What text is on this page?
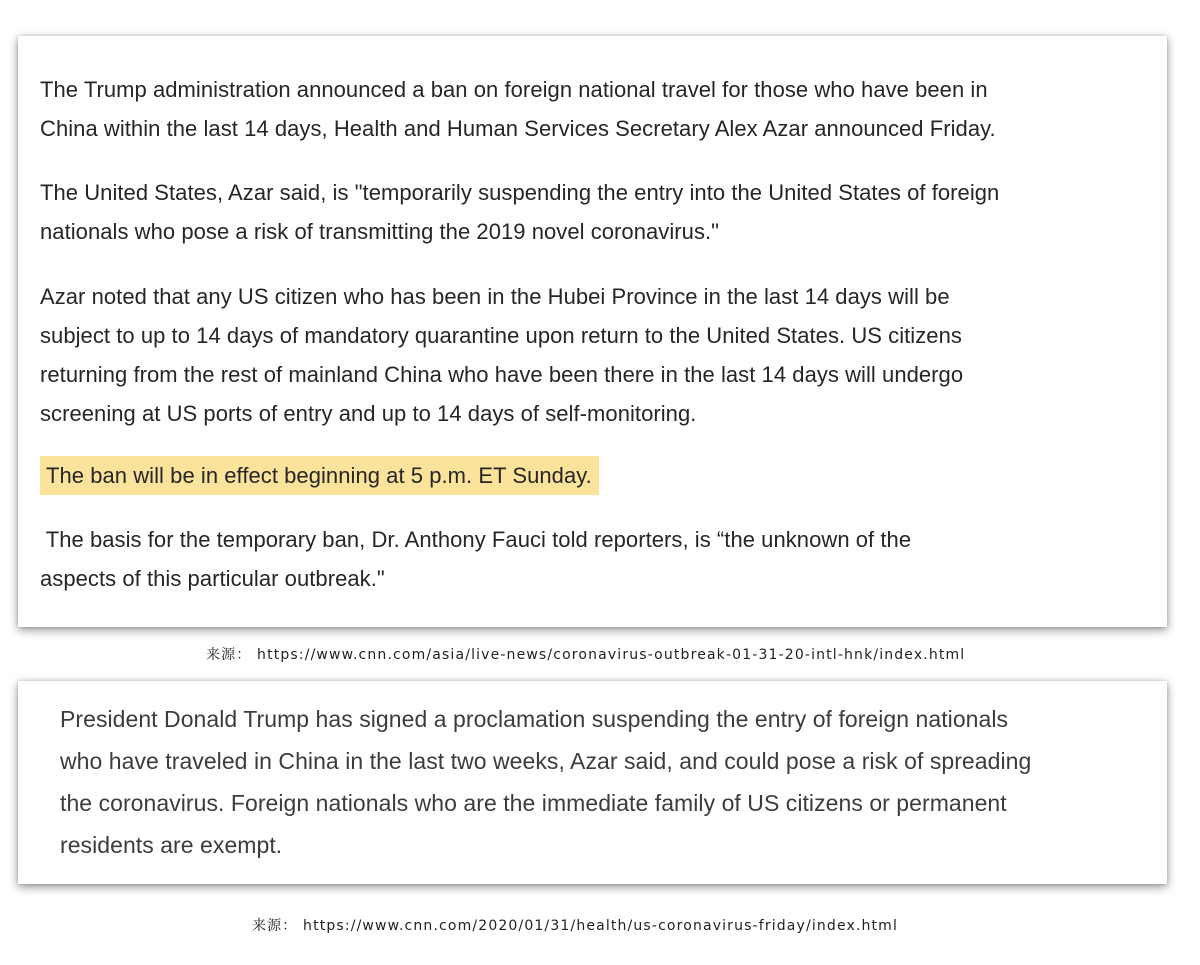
The Trump administration announced a ban on foreign national travel for those who have been in
China within the last 14 days, Health and Human Services Secretary Alex Azar announced Friday.

The United States, Azar said, is "temporarily suspending the entry into the United States of foreign
nationals who pose a risk of transmitting the 2019 novel coronavirus."

Azar noted that any US citizen who has been in the Hubei Province in the last 14 days will be
subject to up to 14 days of mandatory quarantine upon return to the United States. US citizens
returning from the rest of mainland China who have been there in the last 14 days will undergo
screening at US ports of entry and up to 14 days of self-monitoring.

The ban will be in effect beginning at 5 p.m. ET Sunday.

The basis for the temporary ban, Dr. Anthony Fauci told reporters, is “the unknown of the
aspects of this particular outbreak."

来源： https://www.cnn.com/asia/live-news/coronavirus-outbreak-01-31-20-intl-hnk/index.html

President Donald Trump has signed a proclamation suspending the entry of foreign nationals
who have traveled in China in the last two weeks, Azar said, and could pose a risk of spreading
the coronavirus. Foreign nationals who are the immediate family of US citizens or permanent
residents are exempt.

来源： https://www.cnn.com/2020/01/31/health/us-coronavirus-friday/index.html
